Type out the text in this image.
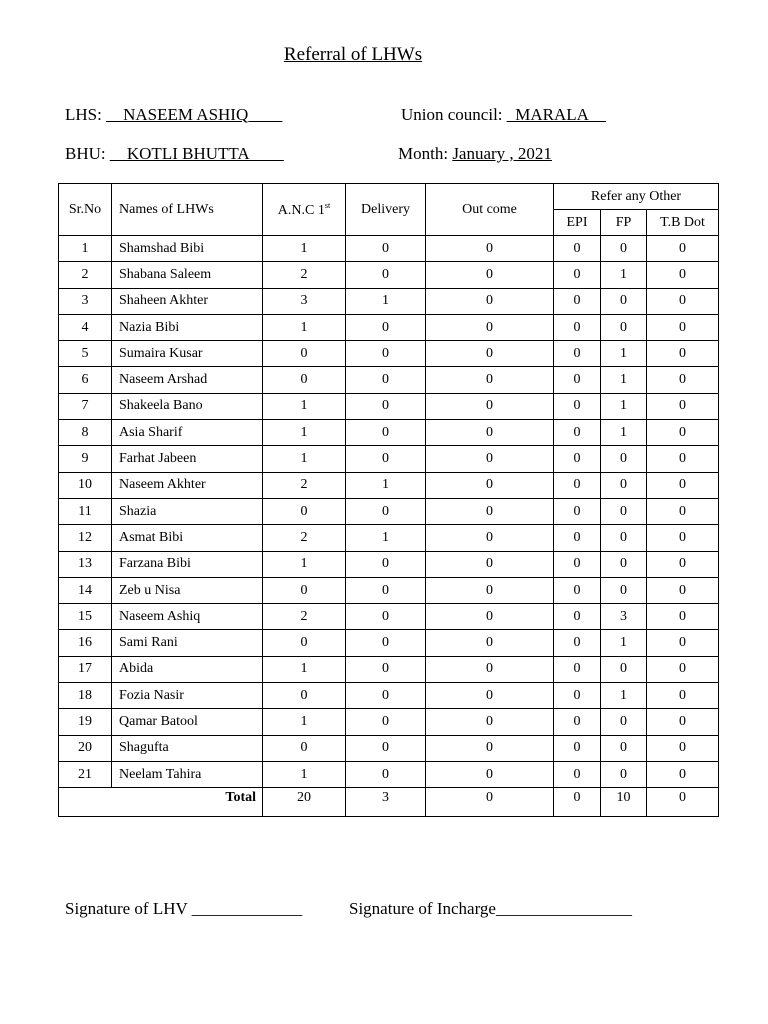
Referral of LHWs
LHS: __NASEEM ASHIQ____	Union council: _MARALA__
BHU: __KOTLI BHUTTA____	Month: January , 2021
Sr.No	Names of LHWs	A.N.C 1st	Delivery	Out come	Refer any Other		
					EPI	FP	T.B Dot
1	Shamshad Bibi	1	0	0	0	0	0
2	Shabana Saleem	2	0	0	0	1	0
3	Shaheen Akhter	3	1	0	0	0	0
4	Nazia Bibi	1	0	0	0	0	0
5	Sumaira Kusar	0	0	0	0	1	0
6	Naseem Arshad	0	0	0	0	1	0
7	Shakeela Bano	1	0	0	0	1	0
8	Asia Sharif	1	0	0	0	1	0
9	Farhat Jabeen	1	0	0	0	0	0
10	Naseem Akhter	2	1	0	0	0	0
11	Shazia	0	0	0	0	0	0
12	Asmat Bibi	2	1	0	0	0	0
13	Farzana Bibi	1	0	0	0	0	0
14	Zeb u Nisa	0	0	0	0	0	0
15	Naseem Ashiq	2	0	0	0	3	0
16	Sami Rani	0	0	0	0	1	0
17	Abida	1	0	0	0	0	0
18	Fozia Nasir	0	0	0	0	1	0
19	Qamar Batool	1	0	0	0	0	0
20	Shagufta	0	0	0	0	0	0
21	Neelam Tahira	1	0	0	0	0	0
Total		20	3	0	0	10	0
Signature of LHV _____________	Signature of Incharge________________
